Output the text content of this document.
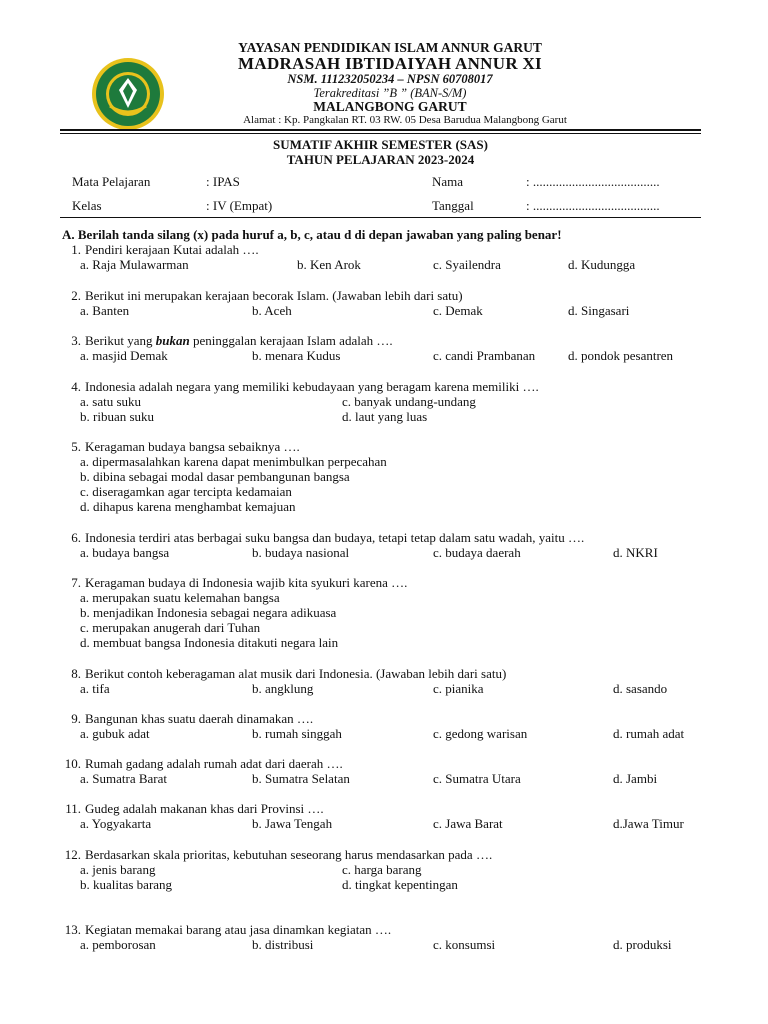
YAYASAN PENDIDIKAN ISLAM ANNUR GARUT
MADRASAH IBTIDAIYAH ANNUR XI
NSM. 111232050234 – NPSN 60708017
Terakreditasi ”B ” (BAN-S/M)
MALANGBONG GARUT
Alamat : Kp. Pangkalan RT. 03 RW. 05 Desa Barudua Malangbong Garut
SUMATIF AKHIR SEMESTER (SAS)
TAHUN PELAJARAN 2023-2024
Mata Pelajaran	: IPAS	Nama	: .......................................
Kelas	: IV (Empat)	Tanggal	: .......................................
A. Berilah tanda silang (x) pada huruf a, b, c, atau d di depan jawaban yang paling benar!
1. Pendiri kerajaan Kutai adalah ….
a. Raja Mulawarman	b. Ken Arok	c. Syailendra	d. Kudungga
2. Berikut ini merupakan kerajaan becorak Islam. (Jawaban lebih dari satu)
a. Banten	b. Aceh	c. Demak	d. Singasari
3. Berikut yang bukan peninggalan kerajaan Islam adalah ….
a. masjid Demak	b. menara Kudus	c. candi Prambanan	d. pondok pesantren
4. Indonesia adalah negara yang memiliki kebudayaan yang beragam karena memiliki ….
a. satu suku	c. banyak undang-undang
b. ribuan suku	d. laut yang luas
5. Keragaman budaya bangsa sebaiknya ….
a. dipermasalahkan karena dapat menimbulkan perpecahan
b. dibina sebagai modal dasar pembangunan bangsa
c. diseragamkan agar tercipta kedamaian
d. dihapus karena menghambat kemajuan
6. Indonesia terdiri atas berbagai suku bangsa dan budaya, tetapi tetap dalam satu wadah, yaitu ….
a. budaya bangsa	b. budaya nasional	c. budaya daerah	d. NKRI
7. Keragaman budaya di Indonesia wajib kita syukuri karena ….
a. merupakan suatu kelemahan bangsa
b. menjadikan Indonesia sebagai negara adikuasa
c. merupakan anugerah dari Tuhan
d. membuat bangsa Indonesia ditakuti negara lain
8. Berikut contoh keberagaman alat musik dari Indonesia. (Jawaban lebih dari satu)
a. tifa	b. angklung	c. pianika	d. sasando
9. Bangunan khas suatu daerah dinamakan ….
a. gubuk adat	b. rumah singgah	c. gedong warisan	d. rumah adat
10. Rumah gadang adalah rumah adat dari daerah ….
a. Sumatra Barat	b. Sumatra Selatan	c. Sumatra Utara	d. Jambi
11. Gudeg adalah makanan khas dari Provinsi ….
a. Yogyakarta	b. Jawa Tengah	c. Jawa Barat	d.Jawa Timur
12. Berdasarkan skala prioritas, kebutuhan seseorang harus mendasarkan pada ….
a. jenis barang	c. harga barang
b. kualitas barang	d. tingkat kepentingan
13. Kegiatan memakai barang atau jasa dinamkan kegiatan ….
a. pemborosan	b. distribusi	c. konsumsi	d. produksi
